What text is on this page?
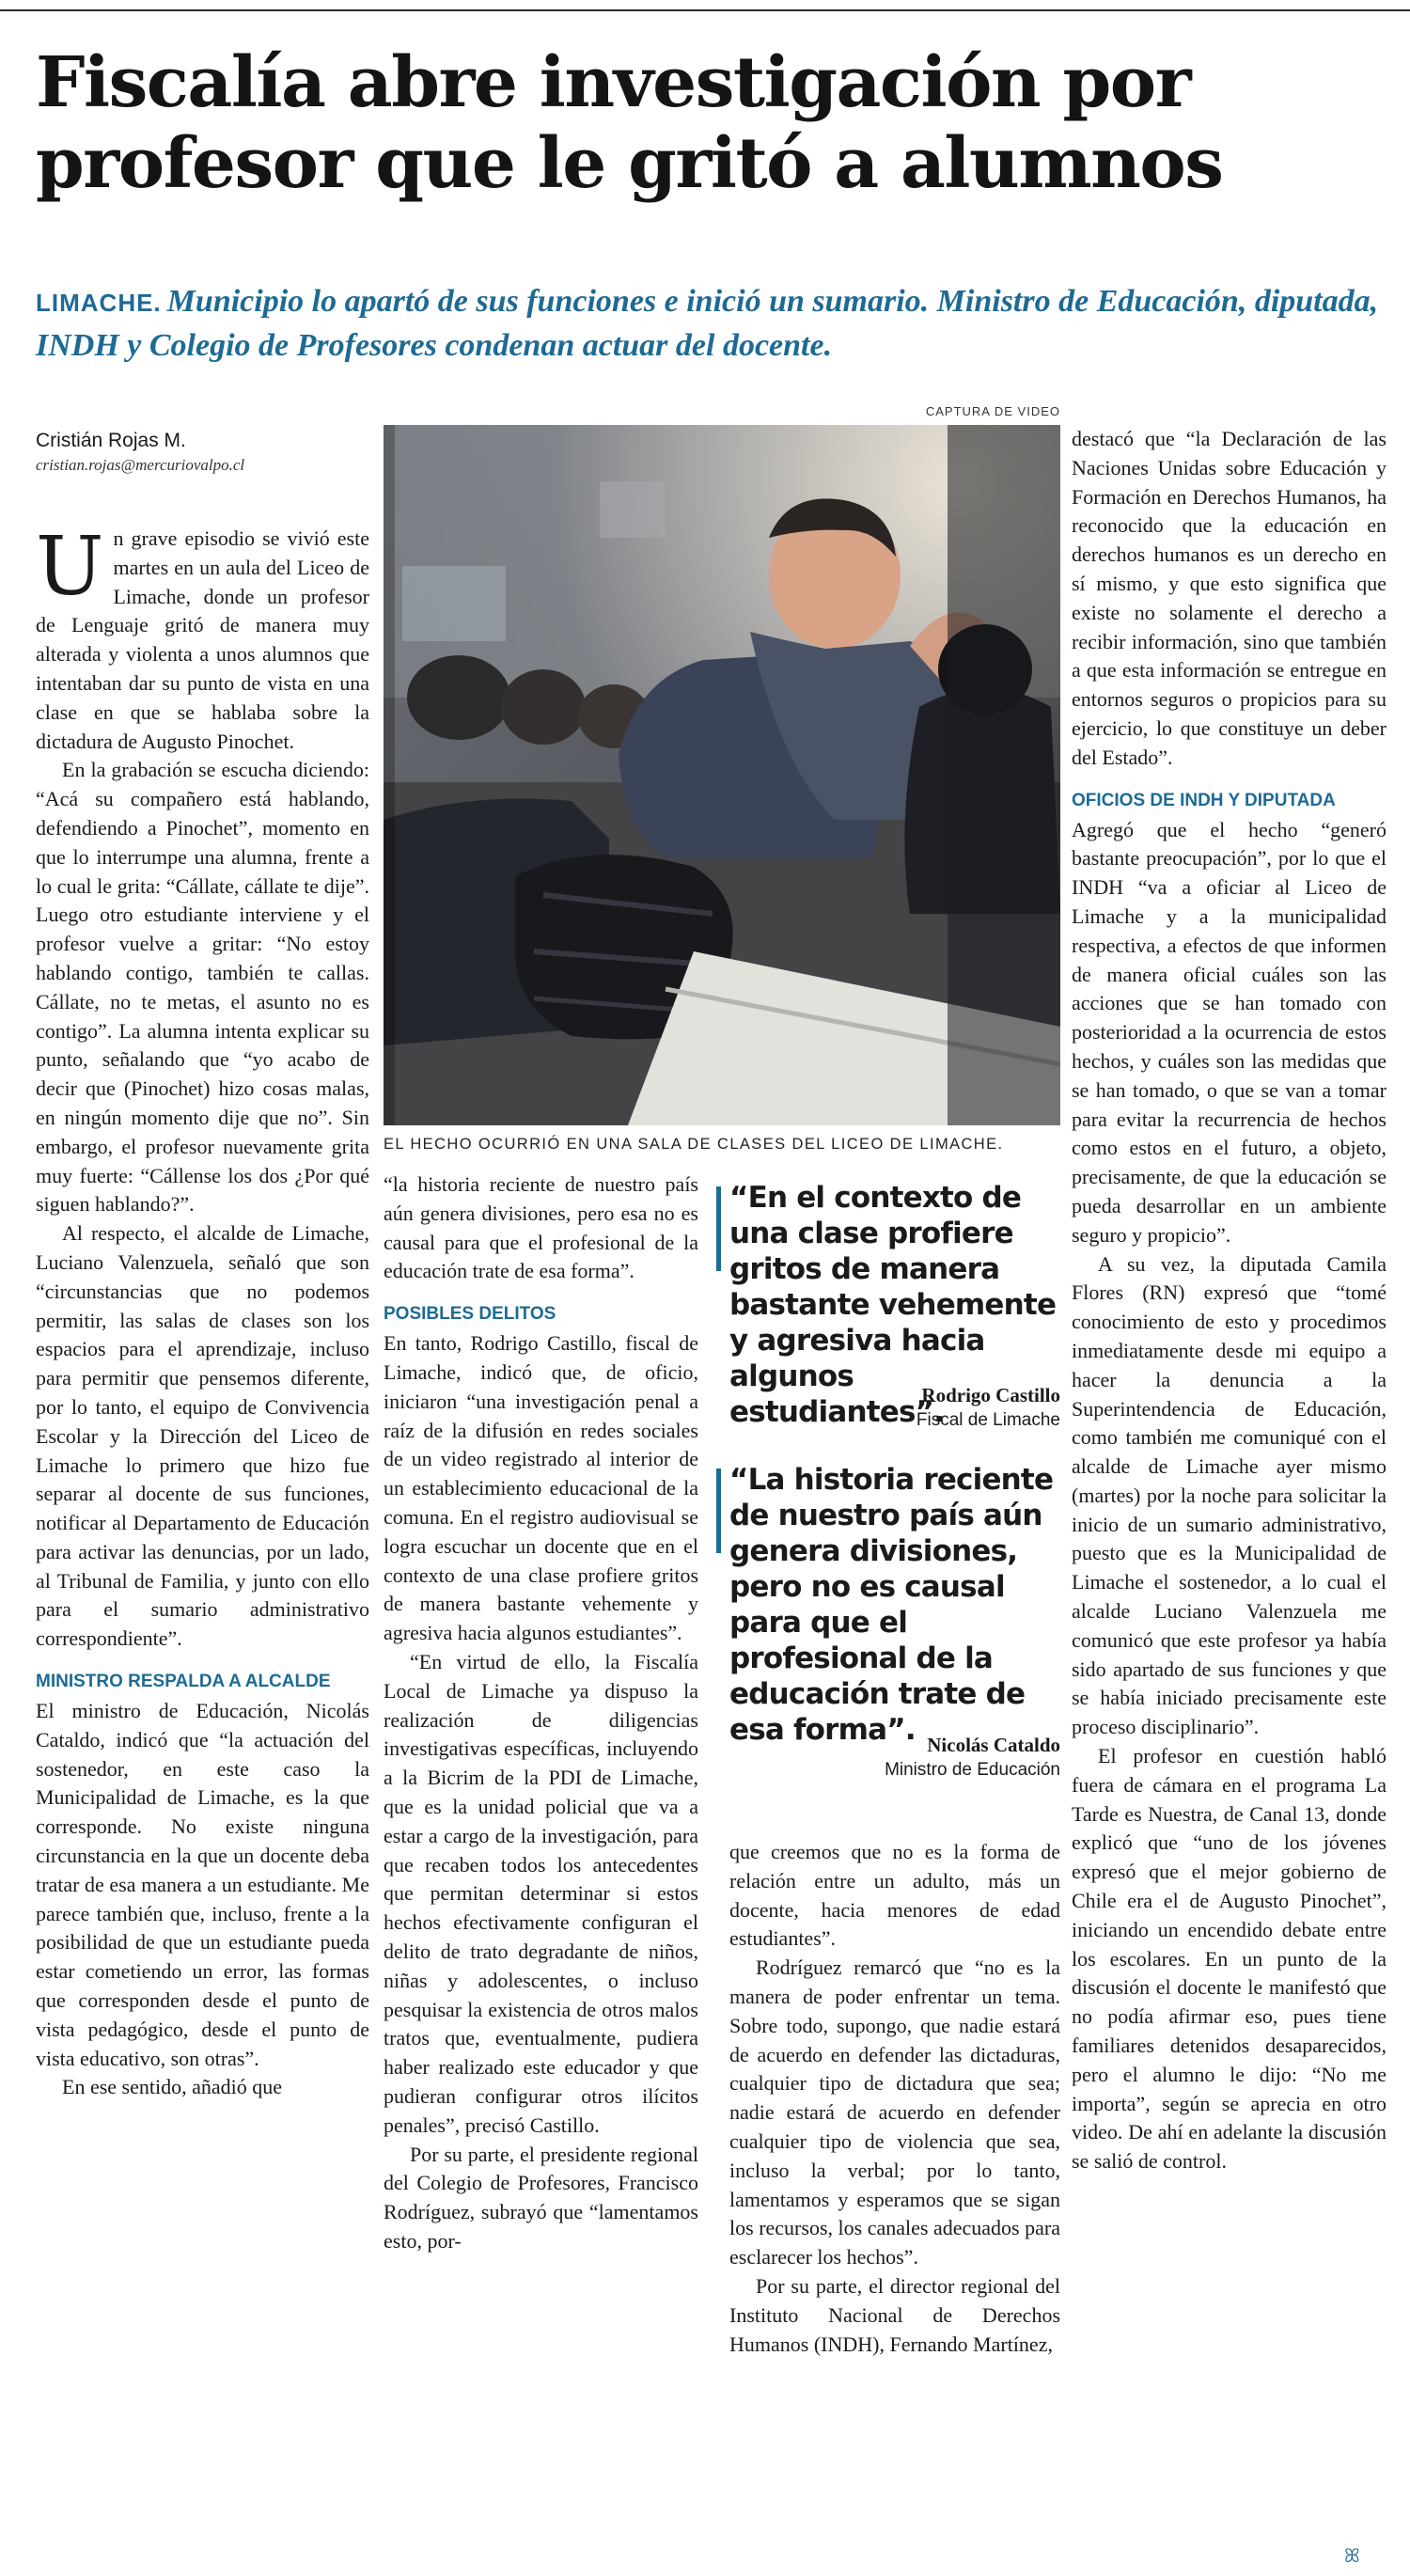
Fiscalía abre investigación por profesor que le gritó a alumnos
LIMACHE. Municipio lo apartó de sus funciones e inició un sumario. Ministro de Educación, diputada, INDH y Colegio de Profesores condenan actuar del docente.
Cristián Rojas M.
cristian.rojas@mercuriovalpo.cl

Un grave episodio se vivió este martes en un aula del Liceo de Limache, donde un profesor de Lenguaje gritó de manera muy alterada y violenta a unos alumnos que intentaban dar su punto de vista en una clase en que se hablaba sobre la dictadura de Augusto Pinochet.

En la grabación se escucha diciendo: “Acá su compañero está hablando, defendiendo a Pinochet”, momento en que lo interrumpe una alumna, frente a lo cual le grita: “Cállate, cállate te dije”. Luego otro estudiante interviene y el profesor vuelve a gritar: “No estoy hablando contigo, también te callas. Cállate, no te metas, el asunto no es contigo”. La alumna intenta explicar su punto, señalando que “yo acabo de decir que (Pinochet) hizo cosas malas, en ningún momento dije que no”. Sin embargo, el profesor nuevamente grita muy fuerte: “Cállense los dos ¿Por qué siguen hablando?”.

Al respecto, el alcalde de Limache, Luciano Valenzuela, señaló que son “circunstancias que no podemos permitir, las salas de clases son los espacios para el aprendizaje, incluso para permitir que pensemos diferente, por lo tanto, el equipo de Convivencia Escolar y la Dirección del Liceo de Limache lo primero que hizo fue separar al docente de sus funciones, notificar al Departamento de Educación para activar las denuncias, por un lado, al Tribunal de Familia, y junto con ello para el sumario administrativo correspondiente”.

MINISTRO RESPALDA A ALCALDE

El ministro de Educación, Nicolás Cataldo, indicó que “la actuación del sostenedor, en este caso la Municipalidad de Limache, es la que corresponde. No existe ninguna circunstancia en la que un docente deba tratar de esa manera a un estudiante. Me parece también que, incluso, frente a la posibilidad de que un estudiante pueda estar cometiendo un error, las formas que corresponden desde el punto de vista pedagógico, desde el punto de vista educativo, son otras”.

En ese sentido, añadió que

CAPTURA DE VIDEO
EL HECHO OCURRIÓ EN UNA SALA DE CLASES DEL LICEO DE LIMACHE.

“la historia reciente de nuestro país aún genera divisiones, pero esa no es causal para que el profesional de la educación trate de esa forma”.

POSIBLES DELITOS

En tanto, Rodrigo Castillo, fiscal de Limache, indicó que, de oficio, iniciaron “una investigación penal a raíz de la difusión en redes sociales de un video registrado al interior de un establecimiento educacional de la comuna. En el registro audiovisual se logra escuchar un docente que en el contexto de una clase profiere gritos de manera bastante vehemente y agresiva hacia algunos estudiantes”.

“En virtud de ello, la Fiscalía Local de Limache ya dispuso la realización de diligencias investigativas específicas, incluyendo a la Bicrim de la PDI de Limache, que es la unidad policial que va a estar a cargo de la investigación, para que recaben todos los antecedentes que permitan determinar si estos hechos efectivamente configuran el delito de trato degradante de niños, niñas y adolescentes, o incluso pesquisar la existencia de otros malos tratos que, eventualmente, pudiera haber realizado este educador y que pudieran configurar otros ilícitos penales”, precisó Castillo.

Por su parte, el presidente regional del Colegio de Profesores, Francisco Rodríguez, subrayó que “lamentamos esto, por-

“En el contexto de una clase profiere gritos de manera bastante vehemente y agresiva hacia algunos estudiantes”.
Rodrigo Castillo
Fiscal de Limache
“La historia reciente de nuestro país aún genera divisiones, pero no es causal para que el profesional de la educación trate de esa forma”. Nicolás Cataldo
Ministro de Educación

que creemos que no es la forma de relación entre un adulto, más un docente, hacia menores de edad estudiantes”.

Rodríguez remarcó que “no es la manera de poder enfrentar un tema. Sobre todo, supongo, que nadie estará de acuerdo en defender las dictaduras, cualquier tipo de dictadura que sea; nadie estará de acuerdo en defender cualquier tipo de violencia que sea, incluso la verbal; por lo tanto, lamentamos y esperamos que se sigan los recursos, los canales adecuados para esclarecer los hechos”.

Por su parte, el director regional del Instituto Nacional de Derechos Humanos (INDH), Fernando Martínez,

destacó que “la Declaración de las Naciones Unidas sobre Educación y Formación en Derechos Humanos, ha reconocido que la educación en derechos humanos es un derecho en sí mismo, y que esto significa que existe no solamente el derecho a recibir información, sino que también a que esta información se entregue en entornos seguros o propicios para su ejercicio, lo que constituye un deber del Estado”.

OFICIOS DE INDH Y DIPUTADA

Agregó que el hecho “generó bastante preocupación”, por lo que el INDH “va a oficiar al Liceo de Limache y a la municipalidad respectiva, a efectos de que informen de manera oficial cuáles son las acciones que se han tomado con posterioridad a la ocurrencia de estos hechos, y cuáles son las medidas que se han tomado, o que se van a tomar para evitar la recurrencia de hechos como estos en el futuro, a objeto, precisamente, de que la educación se pueda desarrollar en un ambiente seguro y propicio”.

A su vez, la diputada Camila Flores (RN) expresó que “tomé conocimiento de esto y procedimos inmediatamente desde mi equipo a hacer la denuncia a la Superintendencia de Educación, como también me comuniqué con el alcalde de Limache ayer mismo (martes) por la noche para solicitar la inicio de un sumario administrativo, puesto que es la Municipalidad de Limache el sostenedor, a lo cual el alcalde Luciano Valenzuela me comunicó que este profesor ya había sido apartado de sus funciones y que se había iniciado precisamente este proceso disciplinario”.

El profesor en cuestión habló fuera de cámara en el programa La Tarde es Nuestra, de Canal 13, donde explicó que “uno de los jóvenes expresó que el mejor gobierno de Chile era el de Augusto Pinochet”, iniciando un encendido debate entre los escolares. En un punto de la discusión el docente le manifestó que no podía afirmar eso, pues tiene familiares detenidos desaparecidos, pero el alumno le dijo: “No me importa”, según se aprecia en otro video. De ahí en adelante la discusión se salió de control.

ꕤ
